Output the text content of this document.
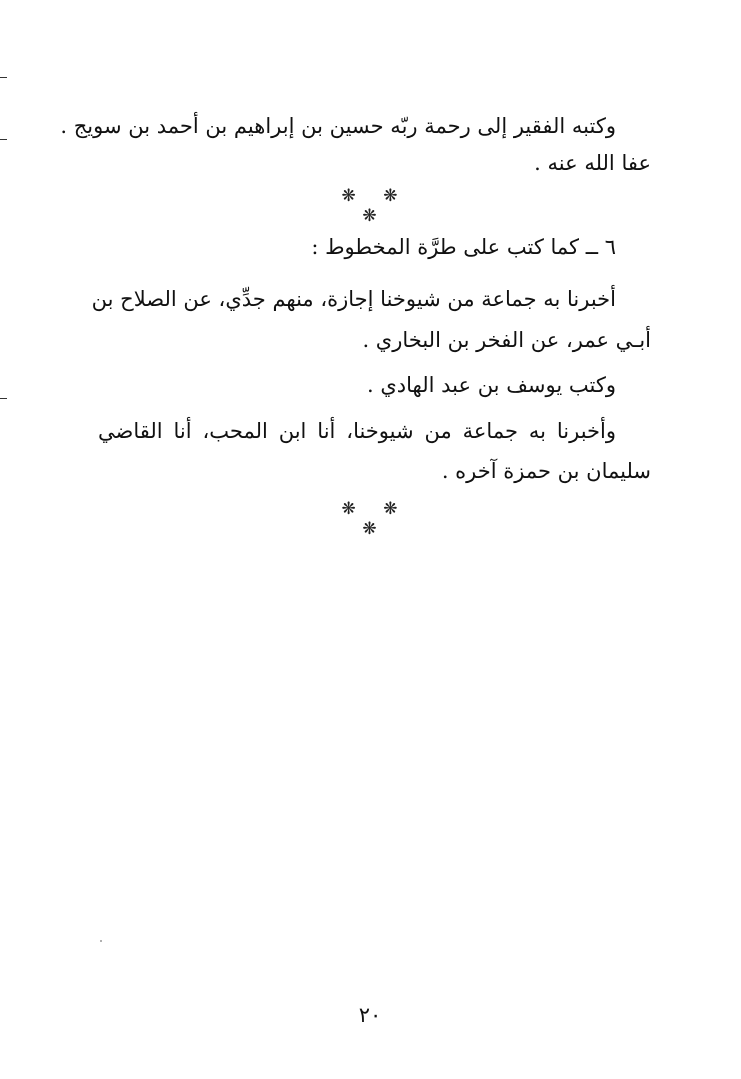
وكتبه الفقير إلى رحمة ربّه حسين بن إبراهيم بن أحمد بن سويج .
عفا الله عنه .
❋ ❋ ❋
٦ ــ كما كتب على طرَّة المخطوط :
أخبرنا به جماعة من شيوخنا إجازة، منهم جدِّي، عن الصلاح بن
أبـي عمر، عن الفخر بن البخاري .
وكتب يوسف بن عبد الهادي .
وأخبرنا به جماعة من شيوخنا، أنا ابن المحب، أنا القاضي
سليمان بن حمزة آخره .
❋ ❋ ❋
٢٠
